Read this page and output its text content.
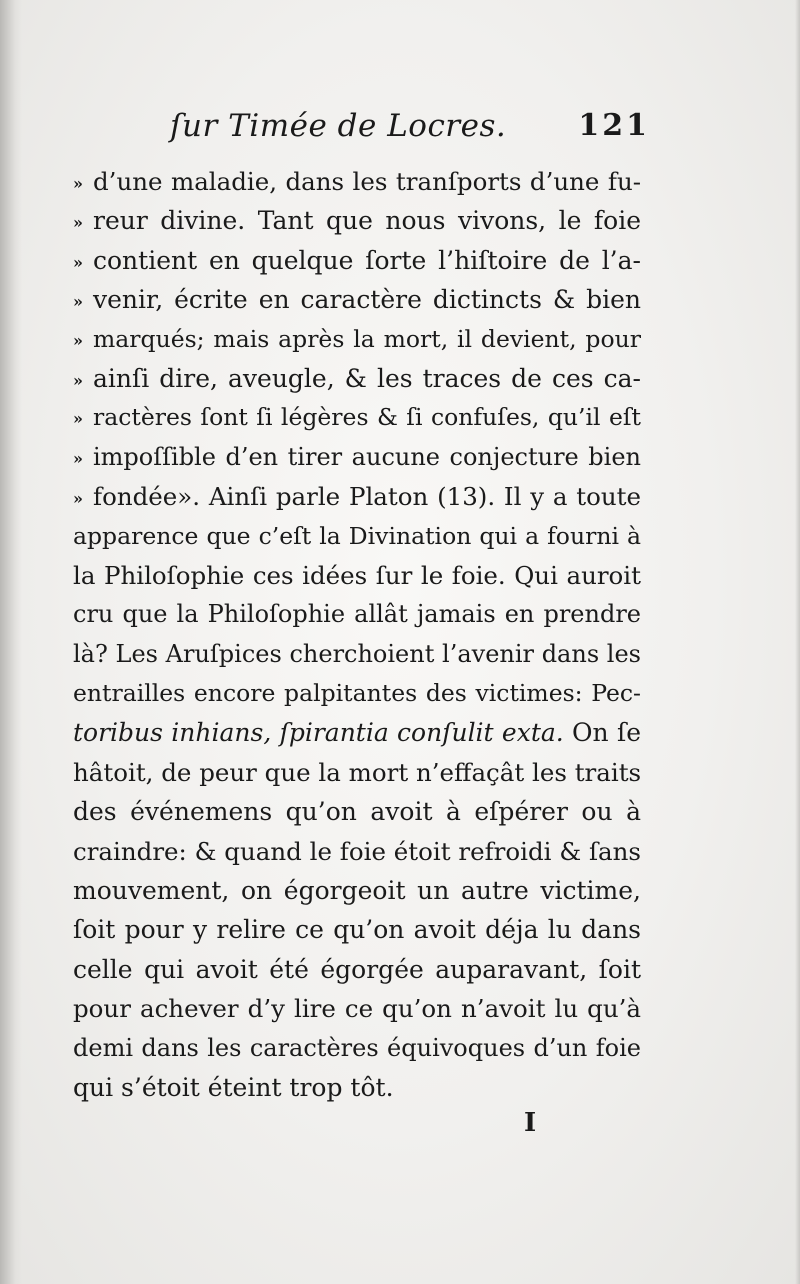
ſur Timée de Locres. 121
» d’une maladie, dans les tranſports d’une fu-
» reur divine. Tant que nous vivons, le foie
» contient en quelque ſorte l’hiſtoire de l’a-
» venir, écrite en caractère dictincts & bien
» marqués; mais après la mort, il devient, pour
» ainſi dire, aveugle, & les traces de ces ca-
» ractères ſont ſi légères & ſi confuſes, qu’il eſt
» impoſſible d’en tirer aucune conjecture bien
» fondée». Ainſi parle Platon (13). Il y a toute
apparence que c’eſt la Divination qui a fourni à
la Philoſophie ces idées ſur le foie. Qui auroit
cru que la Philoſophie allât jamais en prendre
là? Les Aruſpices cherchoient l’avenir dans les
entrailles encore palpitantes des victimes: Pec-
toribus inhians, ſpirantia conſulit exta. On ſe
hâtoit, de peur que la mort n’effaçât les traits
des événemens qu’on avoit à eſpérer ou à
craindre: & quand le foie étoit refroidi & ſans
mouvement, on égorgeoit un autre victime,
ſoit pour y relire ce qu’on avoit déja lu dans
celle qui avoit été égorgée auparavant, ſoit
pour achever d’y lire ce qu’on n’avoit lu qu’à
demi dans les caractères équivoques d’un foie
qui s’étoit éteint trop tôt.
I
